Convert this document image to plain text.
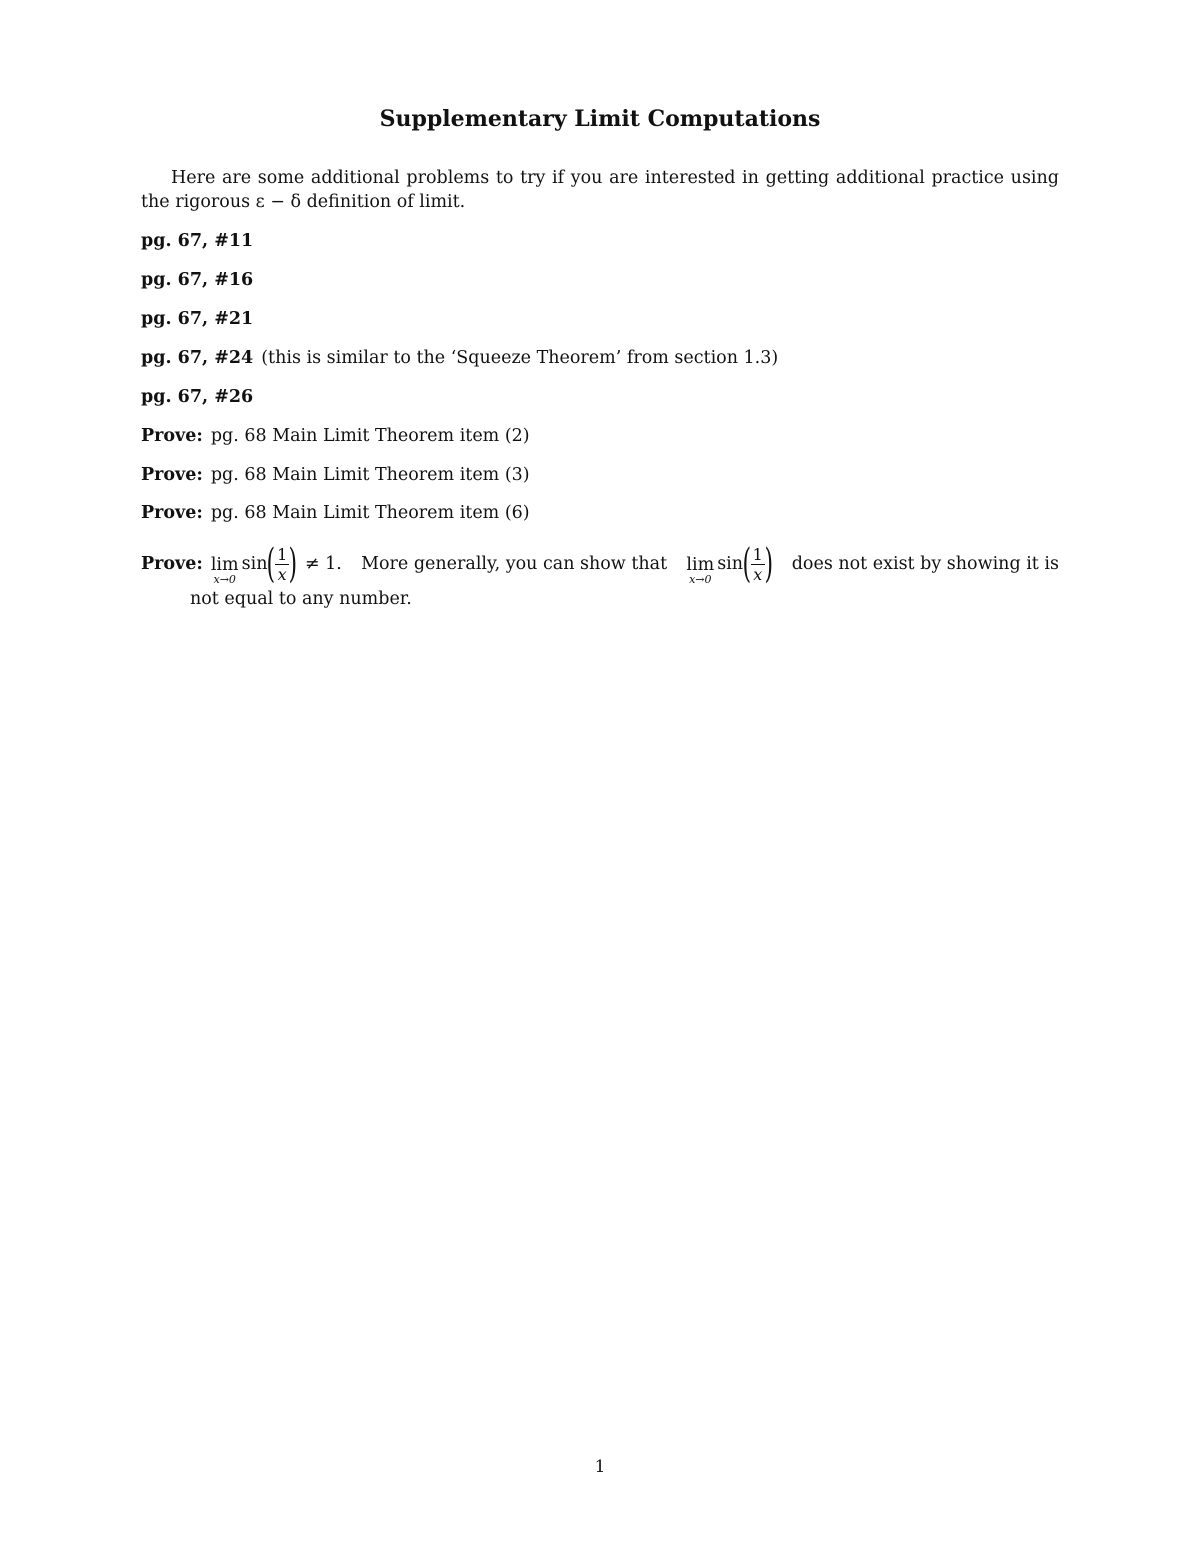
Supplementary Limit Computations
Here are some additional problems to try if you are interested in getting additional practice using the rigorous ε − δ definition of limit.
pg. 67, #11
pg. 67, #16
pg. 67, #21
pg. 67, #24 (this is similar to the ‘Squeeze Theorem’ from section 1.3)
pg. 67, #26
Prove: pg. 68 Main Limit Theorem item (2)
Prove: pg. 68 Main Limit Theorem item (3)
Prove: pg. 68 Main Limit Theorem item (6)
Prove: lim
x→0
sin ( $\frac{1}{x}$ ) ≠ 1. More generally, you can show that lim
x→0
sin ( $\frac{1}{x}$ ) does not exist by showing it is
not equal to any number.
1
